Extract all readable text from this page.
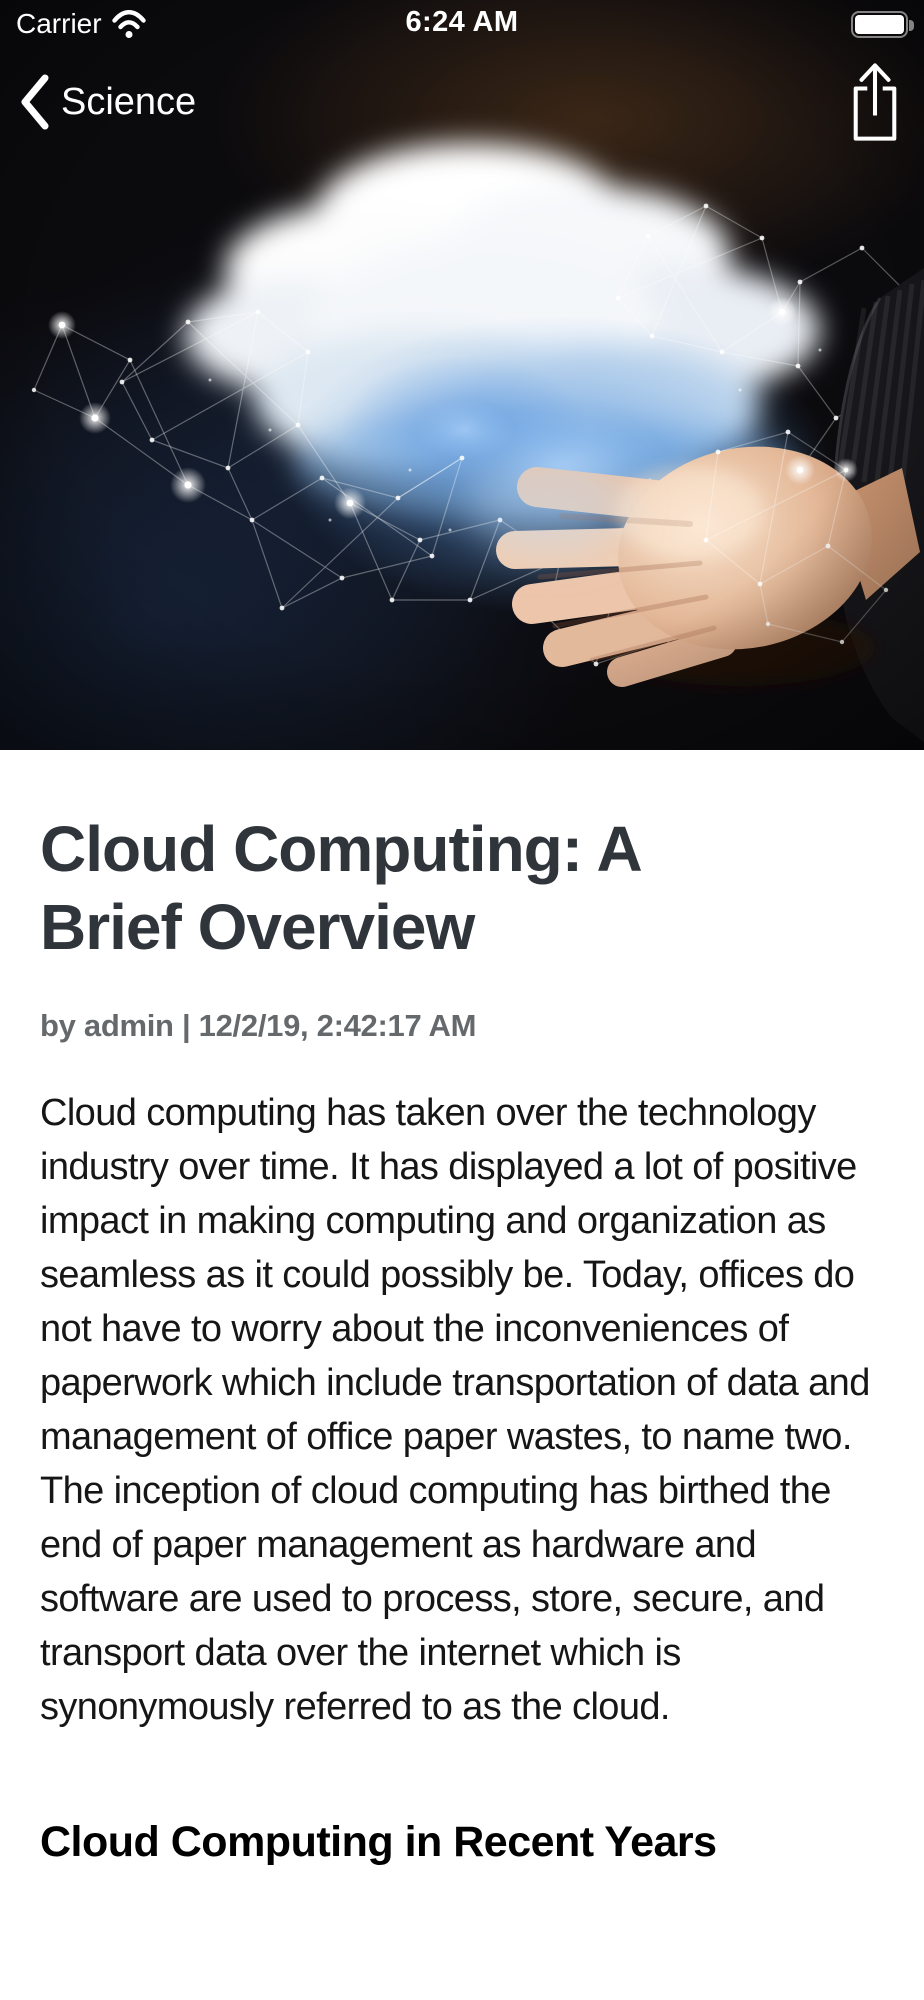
Carrier	6:24 AM
Science
Cloud Computing: A Brief Overview
by admin | 12/2/19, 2:42:17 AM

Cloud computing has taken over the technology industry over time. It has displayed a lot of positive impact in making computing and organization as seamless as it could possibly be. Today, offices do not have to worry about the inconveniences of paperwork which include transportation of data and management of office paper wastes, to name two. The inception of cloud computing has birthed the end of paper management as hardware and software are used to process, store, secure, and transport data over the internet which is synonymously referred to as the cloud.

Cloud Computing in Recent Years
